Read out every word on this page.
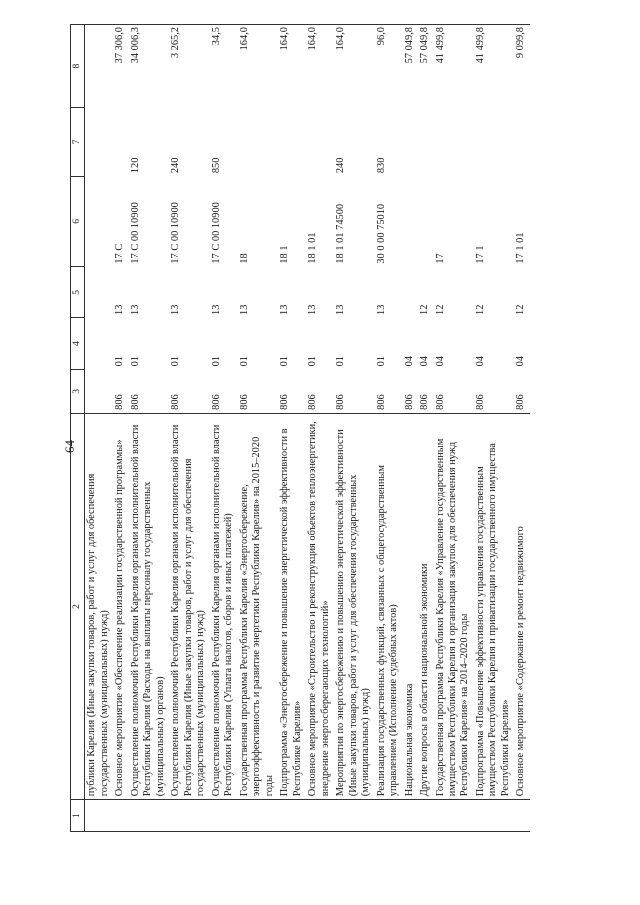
64
1	2	3	4	5	6	7	8
	публики Карелия (Иные закупки товаров, работ и услуг для обеспечения государственных (муниципальных) нужд)						
	Основное мероприятие «Обеспечение реализации государственной программы»	806	01	13	17 С		37 306,0
	Осуществление полномочий Республики Карелия органами исполнительной власти Республики Карелия (Расходы на выплаты персоналу государственных (муниципальных) органов)	806	01	13	17 С 00 10900	120	34 006,3
	Осуществление полномочий Республики Карелия органами исполнительной власти Республики Карелия (Иные закупки товаров, работ и услуг для обеспечения государственных (муниципальных) нужд)	806	01	13	17 С 00 10900	240	3 265,2
	Осуществление полномочий Республики Карелия органами исполнительной власти Республики Карелия (Уплата налогов, сборов и иных платежей)	806	01	13	17 С 00 10900	850	34,5
	Государственная программа Республики Карелия «Энергосбережение, энергоэффективность и развитие энергетики Республики Карелия» на 2015–2020 годы	806	01	13	18		164,0
	Подпрограмма «Энергосбережение и повышение энергетической эффективности в Республике Карелия»	806	01	13	18 1		164,0
	Основное мероприятие «Строительство и реконструкция объектов теплоэнергетики, внедрение энергосберегающих технологий»	806	01	13	18 1 01		164,0
	Мероприятия по энергосбережению и повышению энергетической эффективности (Иные закупки товаров, работ и услуг для обеспечения государственных (муниципальных) нужд)	806	01	13	18 1 01 74500	240	164,0
	Реализация государственных функций, связанных с общегосударственным управлением (Исполнение судебных актов)	806	01	13	30 0 00 75010	830	96,0
	Национальная экономика	806	04				57 049,8
	Другие вопросы в области национальной экономики	806	04	12			57 049,8
	Государственная программа Республики Карелия «Управление государственным имуществом Республики Карелия и организация закупок для обеспечения нужд Республики Карелия» на 2014–2020 годы	806	04	12	17		41 499,8
	Подпрограмма «Повышение эффективности управления государственным имуществом Республики Карелия и приватизации государственного имущества Республики Карелия»	806	04	12	17 1		41 499,8
	Основное мероприятие «Содержание и ремонт недвижимого	806	04	12	17 1 01		9 099,8
